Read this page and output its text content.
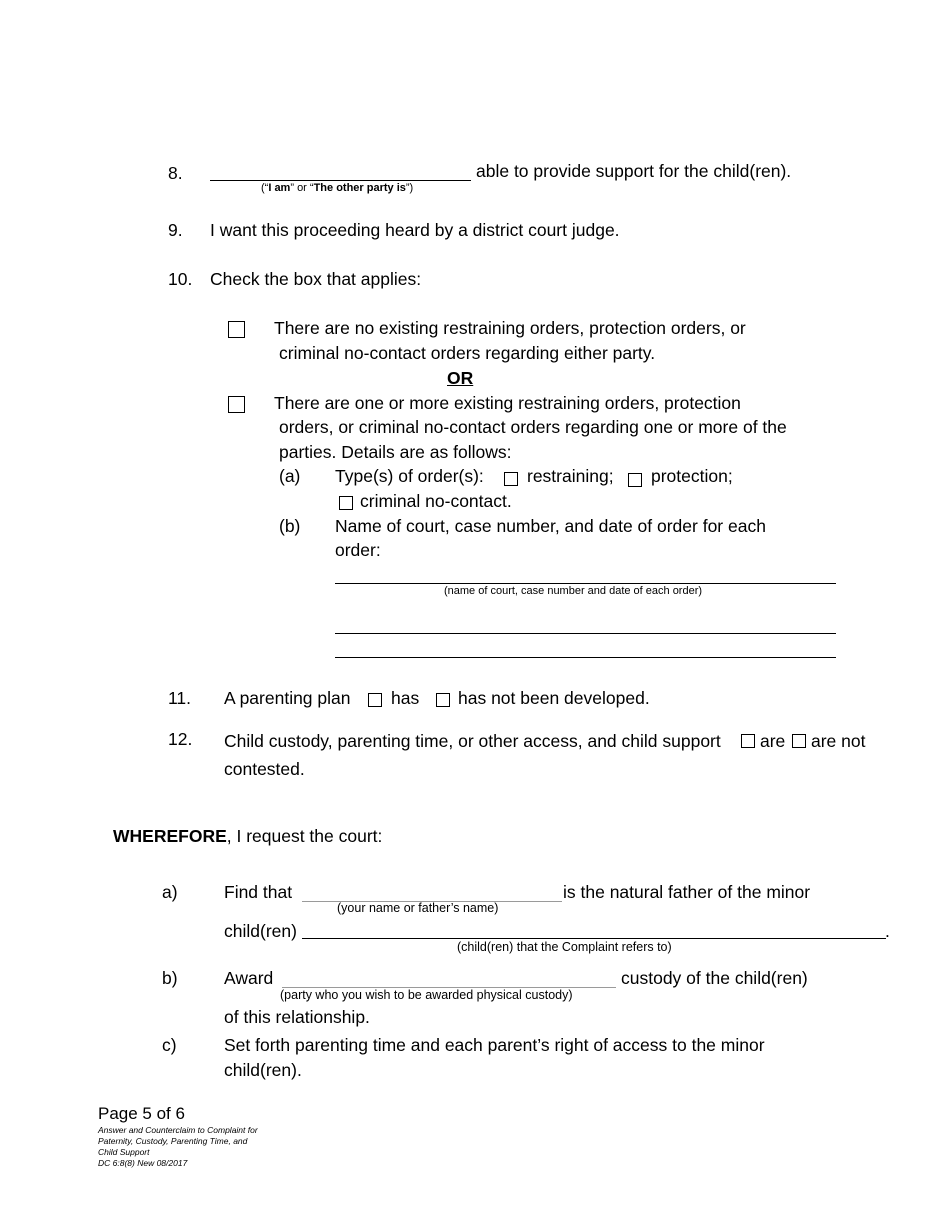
8.	able to provide support for the child(ren).
(“I am” or “The other party is”)
9. I want this proceeding heard by a district court judge.
10. Check the box that applies:
There are no existing restraining orders, protection orders, or
criminal no-contact orders regarding either party.
OR
There are one or more existing restraining orders, protection
orders, or criminal no-contact orders regarding one or more of the
parties. Details are as follows:
(a) Type(s) of order(s): restraining; protection;
criminal no-contact.
(b) Name of court, case number, and date of order for each
order:
(name of court, case number and date of each order)
11. A parenting plan has has not been developed.
12. Child custody, parenting time, or other access, and child support are are not
contested.
WHEREFORE, I request the court:
a)	Find that	is the natural father of the minor
(your name or father’s name)
child(ren)	.
(child(ren) that the Complaint refers to)
b)	Award	custody of the child(ren)
(party who you wish to be awarded physical custody)
of this relationship.
c)	Set forth parenting time and each parent’s right of access to the minor
child(ren).
Page 5 of 6
Answer and Counterclaim to Complaint for
Paternity, Custody, Parenting Time, and
Child Support
DC 6:8(8) New 08/2017
